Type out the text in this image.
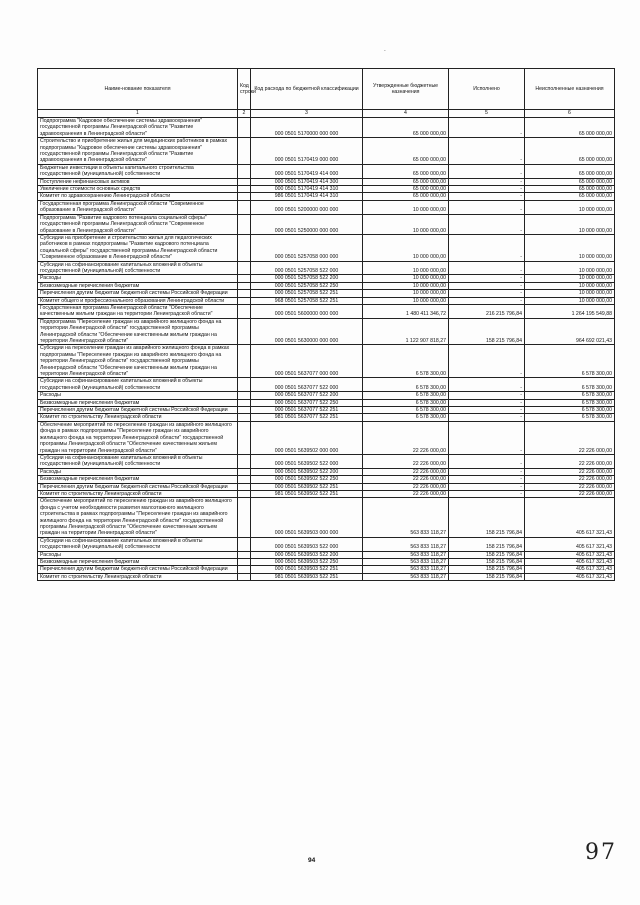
-
Наиме-нование показателя	Код строки	Код расхода по бюджетной классификации	Утвержденные бюджетные назначения	Исполнено	Неисполненные назначения
1	2	3	4	5	6
Подпрограмма "Кадровое обеспечение системы здравоохранения" государственной программы Ленинградской области "Развитие здравоохранения в Ленинградской области"		000 0501 5170000 000 000	65 000 000,00	-	65 000 000,00
Строительство и приобретение жилья для медицинских работников в рамках подпрограммы "Кадровое обеспечение системы здравоохранения" государственной программы Ленинградской области "Развитие здравоохранения в Ленинградской области"		000 0501 5170419 000 000	65 000 000,00	-	65 000 000,00
Бюджетные инвестиции в объекты капитального строительства государственной (муниципальной) собственности		000 0501 5170419 414 000	65 000 000,00	-	65 000 000,00
Поступление нефинансовых активов		000 0501 5170419 414 300	65 000 000,00	-	65 000 000,00
Увеличение стоимости основных средств		000 0501 5170419 414 310	65 000 000,00	-	65 000 000,00
Комитет по здравоохранению Ленинградской области		986 0501 5170419 414 310	65 000 000,00	-	65 000 000,00
Государственная программа Ленинградской области "Современное образование в Ленинградской области"		000 0501 5200000 000 000	10 000 000,00	-	10 000 000,00
Подпрограмма "Развитие кадрового потенциала социальной сферы" государственной программы Ленинградской области "Современное образование в Ленинградской области"		000 0501 5250000 000 000	10 000 000,00	-	10 000 000,00
Субсидии на приобретение и строительство жилья для педагогических работников в рамках подпрограммы "Развитие кадрового потенциала социальной сферы" государственной программы Ленинградской области "Современное образование в Ленинградской области"		000 0501 5257058 000 000	10 000 000,00	-	10 000 000,00
Субсидии на софинансирование капитальных вложений в объекты государственной (муниципальной) собственности		000 0501 5257058 522 000	10 000 000,00	-	10 000 000,00
Расходы		000 0501 5257058 522 200	10 000 000,00	-	10 000 000,00
Безвозмездные перечисления бюджетам		000 0501 5257058 522 250	10 000 000,00	-	10 000 000,00
Перечисления другим бюджетам бюджетной системы Российской Федерации		000 0501 5257058 522 251	10 000 000,00	-	10 000 000,00
Комитет общего и профессионального образования Ленинградской области		968 0501 5257058 522 251	10 000 000,00	-	10 000 000,00
Государственная программа Ленинградской области "Обеспечение качественным жильем граждан на территории Ленинградской области"		000 0501 5600000 000 000	1 480 411 346,72	216 215 796,84	1 264 195 549,88
Подпрограмма "Переселение граждан из аварийного жилищного фонда на территории Ленинградской области" государственной программы Ленинградской области "Обеспечение качественным жильем граждан на территории Ленинградской области"		000 0501 5630000 000 000	1 122 907 818,27	158 215 796,84	964 692 021,43
Субсидии на переселение граждан из аварийного жилищного фонда в рамках подпрограммы "Переселение граждан из аварийного жилищного фонда на территории Ленинградской области" государственной программы Ленинградской области "Обеспечение качественным жильем граждан на территории Ленинградской области"		000 0501 5637077 000 000	6 578 300,00	-	6 578 300,00
Субсидии на софинансирование капитальных вложений в объекты государственной (муниципальной) собственности		000 0501 5637077 522 000	6 578 300,00	-	6 578 300,00
Расходы		000 0501 5637077 522 200	6 578 300,00	-	6 578 300,00
Безвозмездные перечисления бюджетам		000 0501 5637077 522 250	6 578 300,00	-	6 578 300,00
Перечисления другим бюджетам бюджетной системы Российской Федерации		000 0501 5637077 522 251	6 578 300,00	-	6 578 300,00
Комитет по строительству Ленинградской области		981 0501 5637077 522 251	6 578 300,00	-	6 578 300,00
Обеспечение мероприятий по переселению граждан из аварийного жилищного фонда в рамках подпрограммы "Переселение граждан из аварийного жилищного фонда на территории Ленинградской области" государственной программы Ленинградской области "Обеспечение качественным жильем граждан на территории Ленинградской области"		000 0501 5639502 000 000	22 226 000,00	-	22 226 000,00
Субсидии на софинансирование капитальных вложений в объекты государственной (муниципальной) собственности		000 0501 5639502 522 000	22 226 000,00	-	22 226 000,00
Расходы		000 0501 5639502 522 200	22 226 000,00	-	22 226 000,00
Безвозмездные перечисления бюджетам		000 0501 5639502 522 250	22 226 000,00	-	22 226 000,00
Перечисления другим бюджетам бюджетной системы Российской Федерации		000 0501 5639502 522 251	22 226 000,00	-	22 226 000,00
Комитет по строительству Ленинградской области		981 0501 5639502 522 251	22 226 000,00	-	22 226 000,00
Обеспечение мероприятий по переселению граждан из аварийного жилищного фонда с учетом необходимости развития малоэтажного жилищного строительства в рамках подпрограммы "Переселение граждан из аварийного жилищного фонда на территории Ленинградской области" государственной программы Ленинградской области "Обеспечение качественным жильем граждан на территории Ленинградской области"		000 0501 5639503 000 000	563 833 118,27	158 215 796,84	405 617 321,43
Субсидии на софинансирование капитальных вложений в объекты государственной (муниципальной) собственности		000 0501 5639503 522 000	563 833 118,27	158 215 796,84	405 617 321,43
Расходы		000 0501 5639503 522 200	563 833 118,27	158 215 796,84	405 617 321,43
Безвозмездные перечисления бюджетам		000 0501 5639503 522 250	563 833 118,27	158 215 796,84	405 617 321,43
Перечисления другим бюджетам бюджетной системы Российской Федерации		000 0501 5639503 522 251	563 833 118,27	158 215 796,84	405 617 321,43
Комитет по строительству Ленинградской области		981 0501 5639503 522 251	563 833 118,27	158 215 796,84	405 617 321,43
94	97
